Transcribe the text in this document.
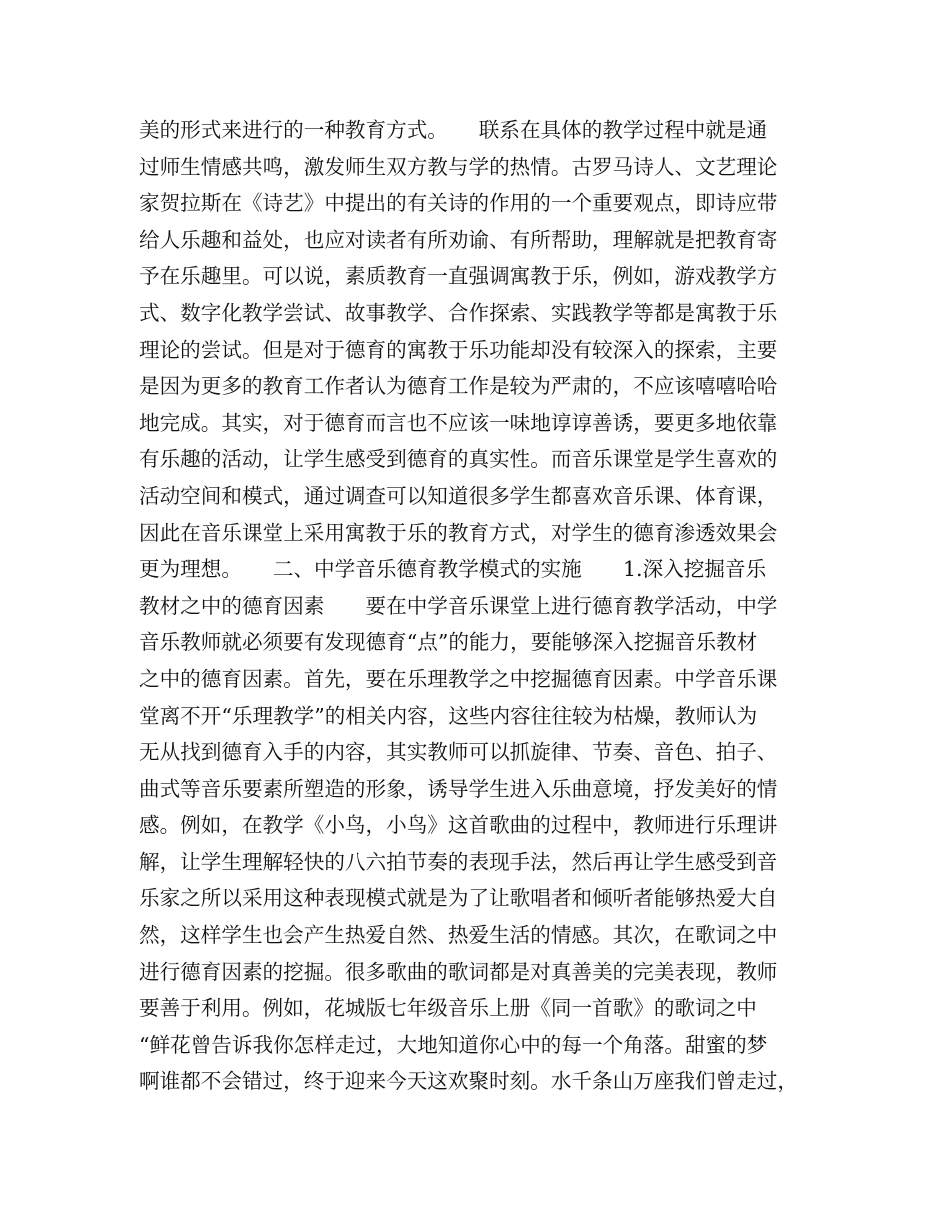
美的形式来进行的一种教育方式。　　联系在具体的教学过程中就是通
过师生情感共鸣，激发师生双方教与学的热情。古罗马诗人、文艺理论
家贺拉斯在《诗艺》中提出的有关诗的作用的一个重要观点，即诗应带
给人乐趣和益处，也应对读者有所劝谕、有所帮助，理解就是把教育寄
予在乐趣里。可以说，素质教育一直强调寓教于乐，例如，游戏教学方
式、数字化教学尝试、故事教学、合作探索、实践教学等都是寓教于乐
理论的尝试。但是对于德育的寓教于乐功能却没有较深入的探索，主要
是因为更多的教育工作者认为德育工作是较为严肃的，不应该嘻嘻哈哈
地完成。其实，对于德育而言也不应该一味地谆谆善诱，要更多地依靠
有乐趣的活动，让学生感受到德育的真实性。而音乐课堂是学生喜欢的
活动空间和模式，通过调查可以知道很多学生都喜欢音乐课、体育课，
因此在音乐课堂上采用寓教于乐的教育方式，对学生的德育渗透效果会
更为理想。　　二、中学音乐德育教学模式的实施　　1.深入挖掘音乐
教材之中的德育因素　　要在中学音乐课堂上进行德育教学活动，中学
音乐教师就必须要有发现德育“点”的能力，要能够深入挖掘音乐教材
之中的德育因素。首先，要在乐理教学之中挖掘德育因素。中学音乐课
堂离不开“乐理教学”的相关内容，这些内容往往较为枯燥，教师认为
无从找到德育入手的内容，其实教师可以抓旋律、节奏、音色、拍子、
曲式等音乐要素所塑造的形象，诱导学生进入乐曲意境，抒发美好的情
感。例如，在教学《小鸟，小鸟》这首歌曲的过程中，教师进行乐理讲
解，让学生理解轻快的八六拍节奏的表现手法，然后再让学生感受到音
乐家之所以采用这种表现模式就是为了让歌唱者和倾听者能够热爱大自
然，这样学生也会产生热爱自然、热爱生活的情感。其次，在歌词之中
进行德育因素的挖掘。很多歌曲的歌词都是对真善美的完美表现，教师
要善于利用。例如，花城版七年级音乐上册《同一首歌》的歌词之中
“鲜花曾告诉我你怎样走过，大地知道你心中的每一个角落。甜蜜的梦
啊谁都不会错过，终于迎来今天这欢聚时刻。水千条山万座我们曾走过，
